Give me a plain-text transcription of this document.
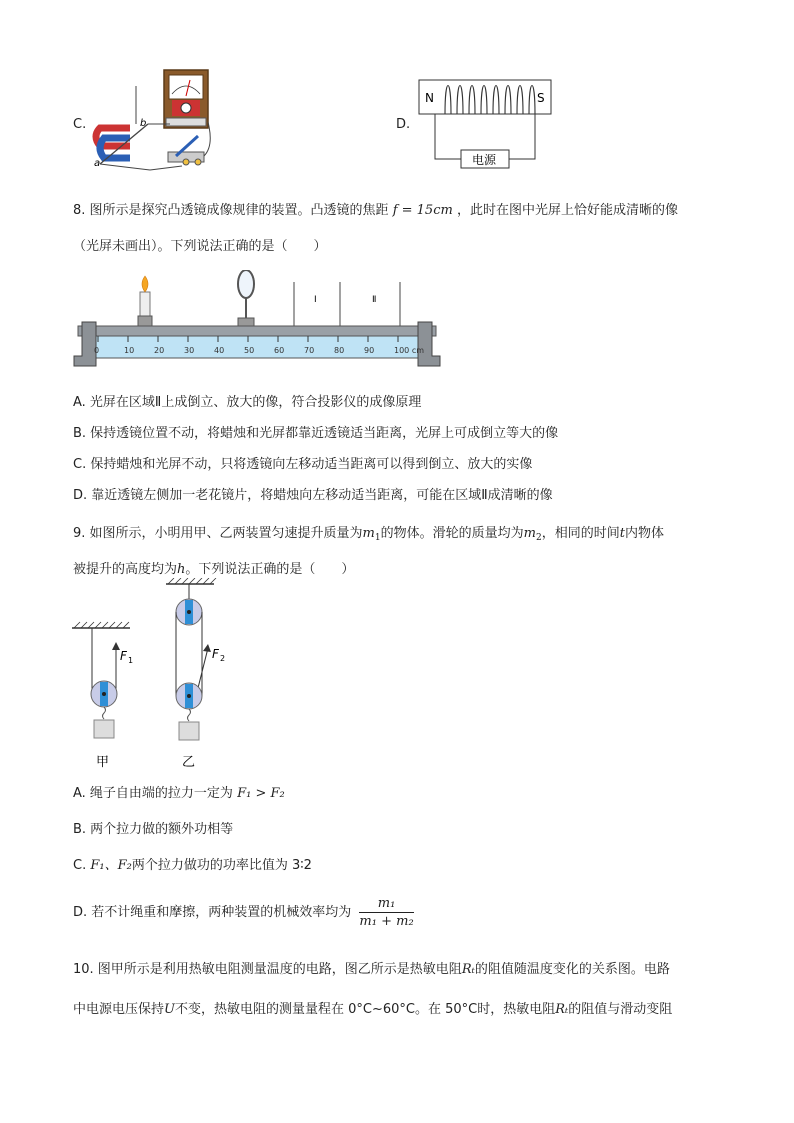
C.	b
a
D.
N	S
电源
8. 图所示是探究凸透镜成像规律的装置。凸透镜的焦距 f = 15cm ，此时在图中光屏上恰好能成清晰的像
（光屏未画出）。下列说法正确的是（　　）
Ⅰ	Ⅱ
0	10 20 30 40 50 60 70 80 90 100 cm
A. 光屏在区域Ⅱ上成倒立、放大的像，符合投影仪的成像原理
B. 保持透镜位置不动，将蜡烛和光屏都靠近透镜适当距离，光屏上可成倒立等大的像
C. 保持蜡烛和光屏不动，只将透镜向左移动适当距离可以得到倒立、放大的实像
D. 靠近透镜左侧加一老花镜片，将蜡烛向左移动适当距离，可能在区域Ⅱ成清晰的像
9. 如图所示，小明用甲、乙两装置匀速提升质量为$m_1$的物体。滑轮的质量均为$m_2$，相同的时间t内物体
被提升的高度均为h。下列说法正确的是（　　）
F 1
甲
F 2
乙
A. 绳子自由端的拉力一定为 F₁ > F₂
B. 两个拉力做的额外功相等
C. F₁、F₂两个拉力做功的功率比值为 3∶2
D. 若不计绳重和摩擦，两种装置的机械效率均为 $\frac{\text{m₁}}{\text{m₁ + m₂}}$
10. 图甲所示是利用热敏电阻测量温度的电路，图乙所示是热敏电阻Rₜ的阻值随温度变化的关系图。电路
中电源电压保持U不变，热敏电阻的测量量程在 0°C~60°C。在 50°C时，热敏电阻Rₜ的阻值与滑动变阻
